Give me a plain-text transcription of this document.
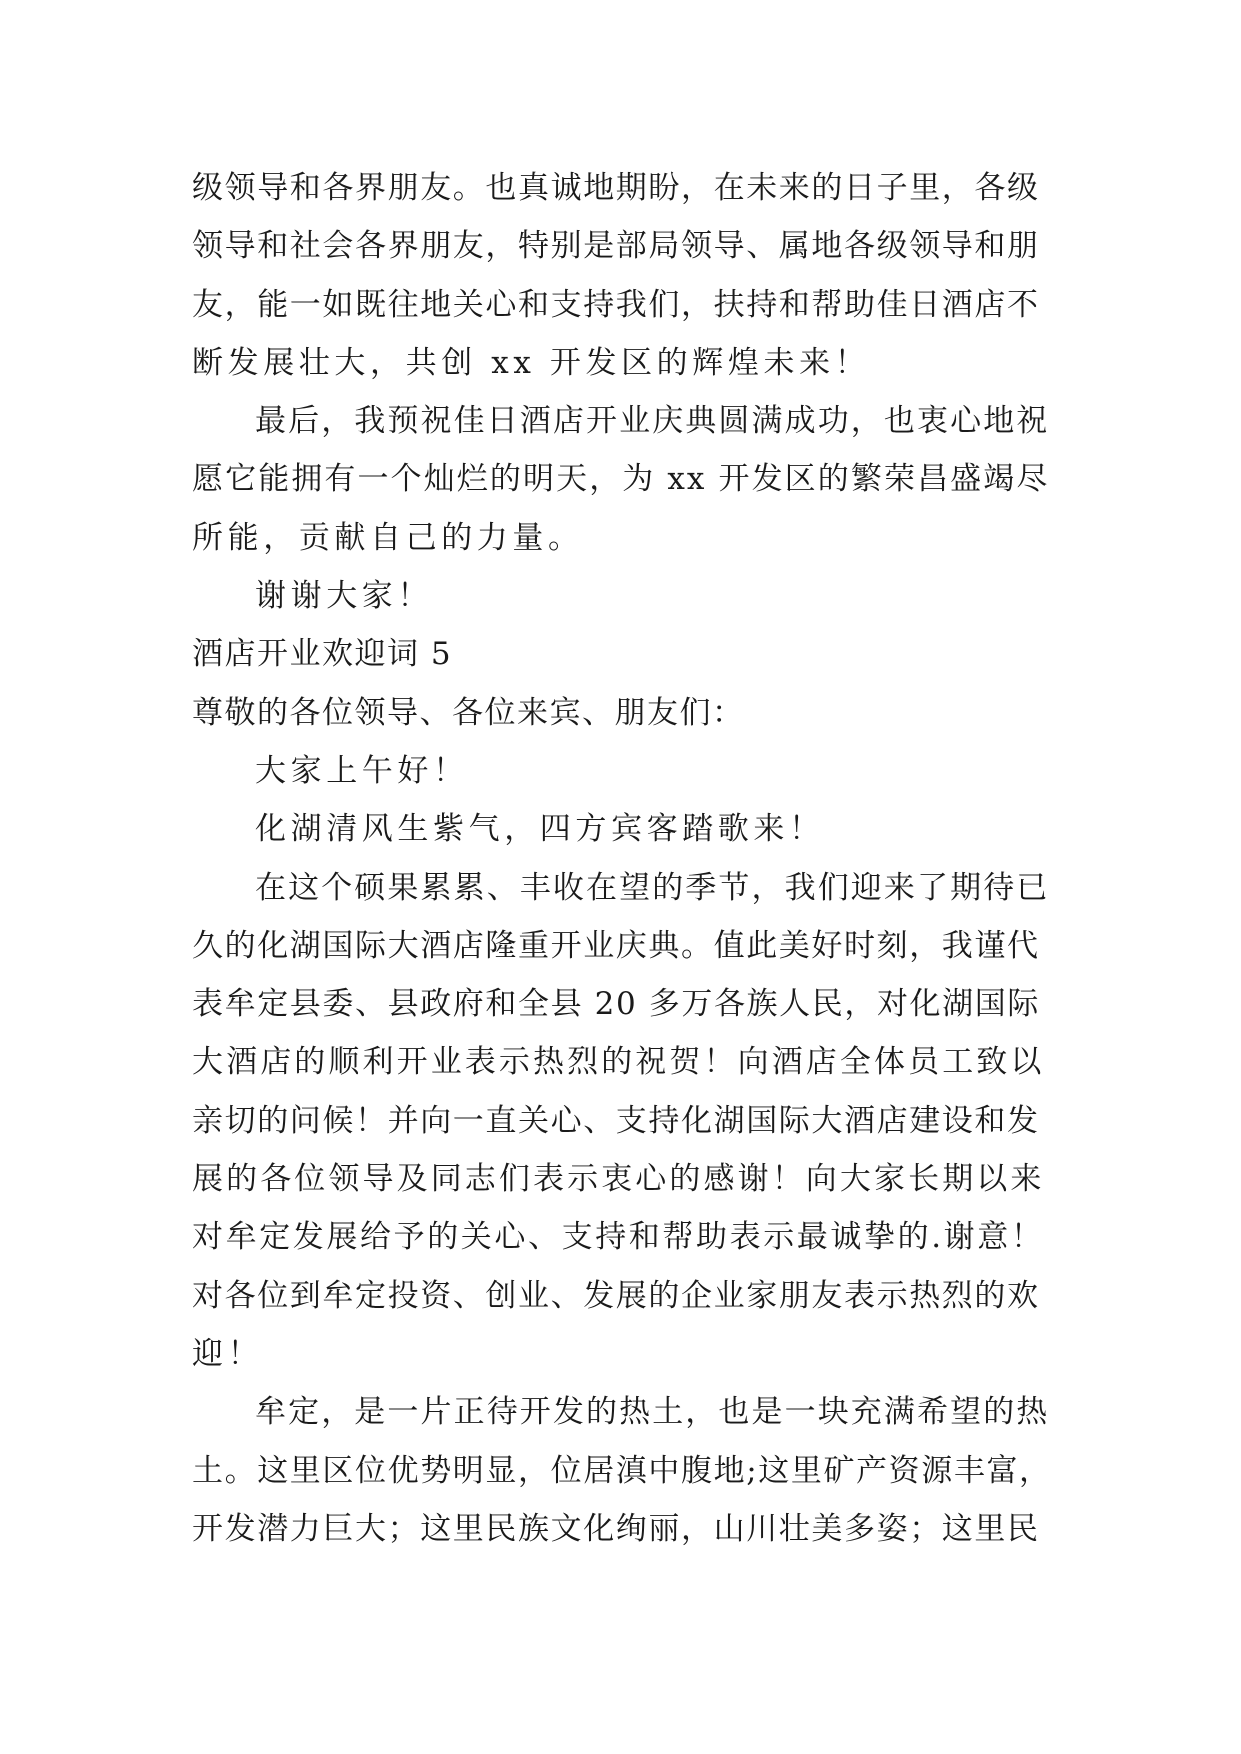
级领导和各界朋友。也真诚地期盼，在未来的日子里，各级
领导和社会各界朋友，特别是部局领导、属地各级领导和朋
友，能一如既往地关心和支持我们，扶持和帮助佳日酒店不
断发展壮大，共创 xx 开发区的辉煌未来！
最后，我预祝佳日酒店开业庆典圆满成功，也衷心地祝
愿它能拥有一个灿烂的明天，为 xx 开发区的繁荣昌盛竭尽
所能，贡献自己的力量。
谢谢大家！
酒店开业欢迎词 5
尊敬的各位领导、各位来宾、朋友们：
大家上午好！
化湖清风生紫气，四方宾客踏歌来！
在这个硕果累累、丰收在望的季节，我们迎来了期待已
久的化湖国际大酒店隆重开业庆典。值此美好时刻，我谨代
表牟定县委、县政府和全县 20 多万各族人民，对化湖国际
大酒店的顺利开业表示热烈的祝贺！向酒店全体员工致以
亲切的问候！并向一直关心、支持化湖国际大酒店建设和发
展的各位领导及同志们表示衷心的感谢！向大家长期以来
对牟定发展给予的关心、支持和帮助表示最诚挚的.谢意！
对各位到牟定投资、创业、发展的企业家朋友表示热烈的欢
迎！
牟定，是一片正待开发的热土，也是一块充满希望的热
土。这里区位优势明显，位居滇中腹地;这里矿产资源丰富，
开发潜力巨大；这里民族文化绚丽，山川壮美多姿；这里民
